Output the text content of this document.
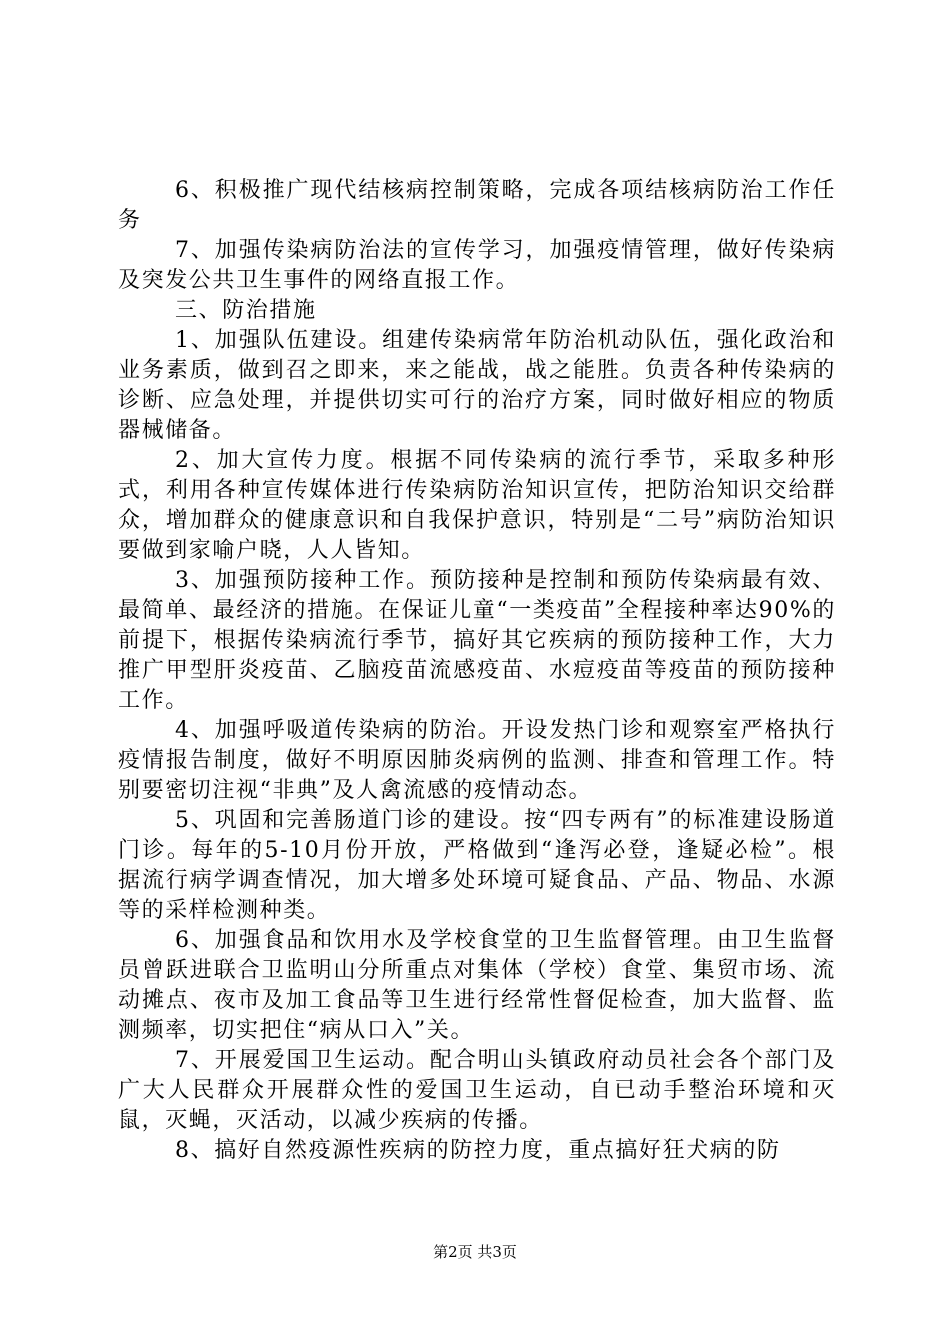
6、积极推广现代结核病控制策略，完成各项结核病防治工作任务

7、加强传染病防治法的宣传学习，加强疫情管理，做好传染病及突发公共卫生事件的网络直报工作。

三、防治措施

1、加强队伍建设。组建传染病常年防治机动队伍，强化政治和业务素质，做到召之即来，来之能战，战之能胜。负责各种传染病的诊断、应急处理，并提供切实可行的治疗方案，同时做好相应的物质器械储备。

2、加大宣传力度。根据不同传染病的流行季节，采取多种形式，利用各种宣传媒体进行传染病防治知识宣传，把防治知识交给群众，增加群众的健康意识和自我保护意识，特别是“二号”病防治知识要做到家喻户晓，人人皆知。

3、加强预防接种工作。预防接种是控制和预防传染病最有效、最简单、最经济的措施。在保证儿童“一类疫苗”全程接种率达90%的前提下，根据传染病流行季节，搞好其它疾病的预防接种工作，大力推广甲型肝炎疫苗、乙脑疫苗流感疫苗、水痘疫苗等疫苗的预防接种工作。

4、加强呼吸道传染病的防治。开设发热门诊和观察室严格执行疫情报告制度，做好不明原因肺炎病例的监测、排查和管理工作。特别要密切注视“非典”及人禽流感的疫情动态。

5、巩固和完善肠道门诊的建设。按“四专两有”的标准建设肠道门诊。每年的5-10月份开放，严格做到“逢泻必登，逢疑必检”。根据流行病学调查情况，加大增多处环境可疑食品、产品、物品、水源等的采样检测种类。

6、加强食品和饮用水及学校食堂的卫生监督管理。由卫生监督员曾跃进联合卫监明山分所重点对集体（学校）食堂、集贸市场、流动摊点、夜市及加工食品等卫生进行经常性督促检查，加大监督、监测频率，切实把住“病从口入”关。

7、开展爱国卫生运动。配合明山头镇政府动员社会各个部门及广大人民群众开展群众性的爱国卫生运动，自已动手整治环境和灭鼠，灭蝇，灭活动，以减少疾病的传播。

8、搞好自然疫源性疾病的防控力度，重点搞好狂犬病的防

第2页 共3页
